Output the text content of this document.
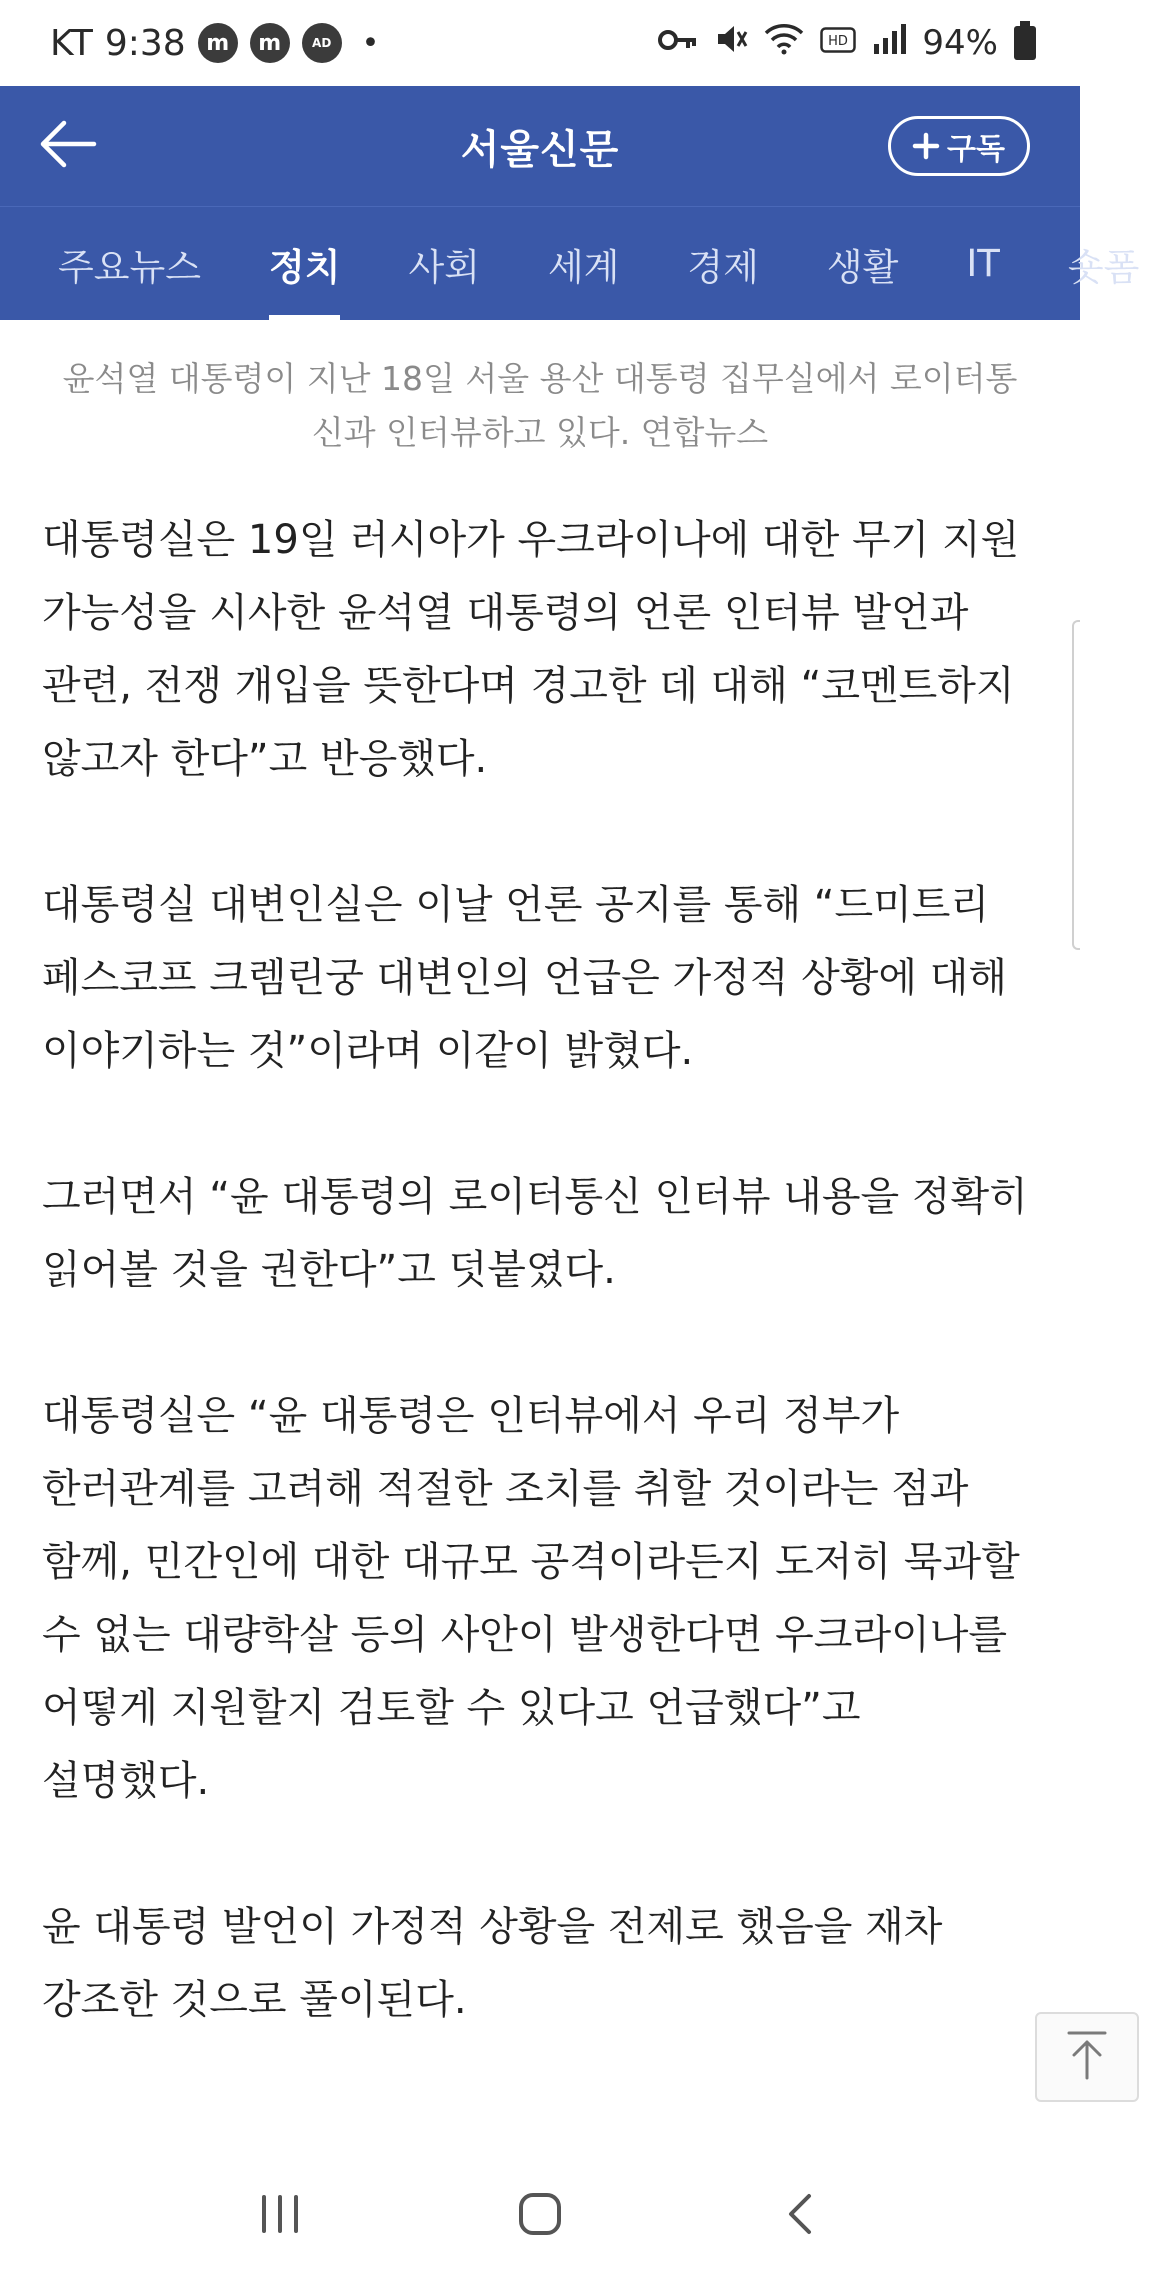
KT 9:38 m	m	AD	•	HD 94%
서울신문	구독
주요뉴스 정치 사회 세계 경제 생활 IT 숏폼
윤석열 대통령이 지난 18일 서울 용산 대통령 집무실에서 로이터통신과 인터뷰하고 있다. 연합뉴스

대통령실은 19일 러시아가 우크라이나에 대한 무기 지원 가능성을 시사한 윤석열 대통령의 언론 인터뷰 발언과 관련, 전쟁 개입을 뜻한다며 경고한 데 대해 “코멘트하지 않고자 한다”고 반응했다.

대통령실 대변인실은 이날 언론 공지를 통해 “드미트리 페스코프 크렘린궁 대변인의 언급은 가정적 상황에 대해 이야기하는 것”이라며 이같이 밝혔다.

그러면서 “윤 대통령의 로이터통신 인터뷰 내용을 정확히 읽어볼 것을 권한다”고 덧붙였다.

대통령실은 “윤 대통령은 인터뷰에서 우리 정부가 한러관계를 고려해 적절한 조치를 취할 것이라는 점과 함께, 민간인에 대한 대규모 공격이라든지 도저히 묵과할 수 없는 대량학살 등의 사안이 발생한다면 우크라이나를 어떻게 지원할지 검토할 수 있다고 언급했다”고 설명했다.

윤 대통령 발언이 가정적 상황을 전제로 했음을 재차 강조한 것으로 풀이된다.
